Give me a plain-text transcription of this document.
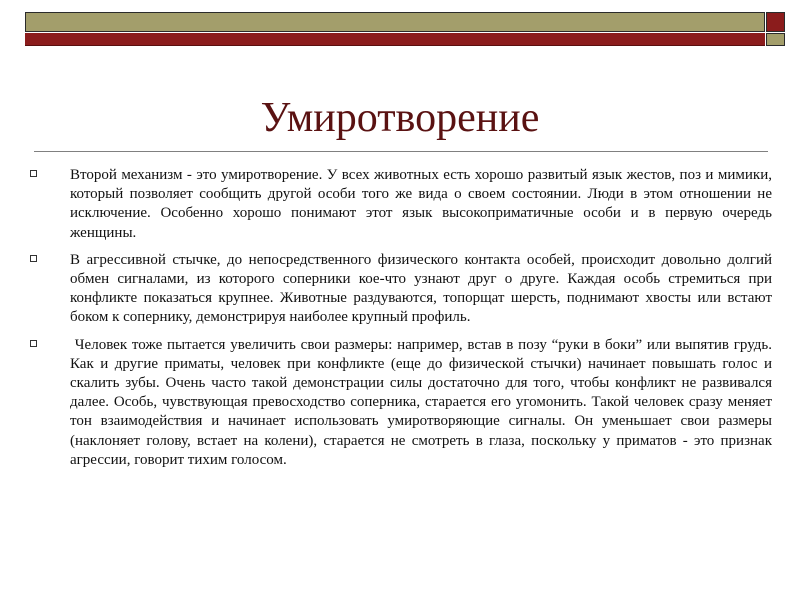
Умиротворение
Второй механизм - это умиротворение. У всех животных есть хорошо развитый язык жестов, поз и мимики, который позволяет сообщить другой особи того же вида о своем состоянии. Люди в этом отношении не исключение. Особенно хорошо понимают этот язык высокоприматичные особи и в первую очередь женщины.
В агрессивной стычке, до непосредственного физического контакта особей, происходит довольно долгий обмен сигналами, из которого соперники кое-что узнают друг о друге. Каждая особь стремиться при конфликте показаться крупнее. Животные раздуваются, топорщат шерсть, поднимают хвосты или встают боком к сопернику, демонстрируя наиболее крупный профиль.
Человек тоже пытается увеличить свои размеры: например, встав в позу “руки в боки” или выпятив грудь. Как и другие приматы, человек при конфликте (еще до физической стычки) начинает повышать голос и скалить зубы. Очень часто такой демонстрации силы достаточно для того, чтобы конфликт не развивался далее. Особь, чувствующая превосходство соперника, старается его угомонить. Такой человек сразу меняет тон взаимодействия и начинает использовать умиротворяющие сигналы. Он уменьшает свои размеры (наклоняет голову, встает на колени), старается не смотреть в глаза, поскольку у приматов - это признак агрессии, говорит тихим голосом.
